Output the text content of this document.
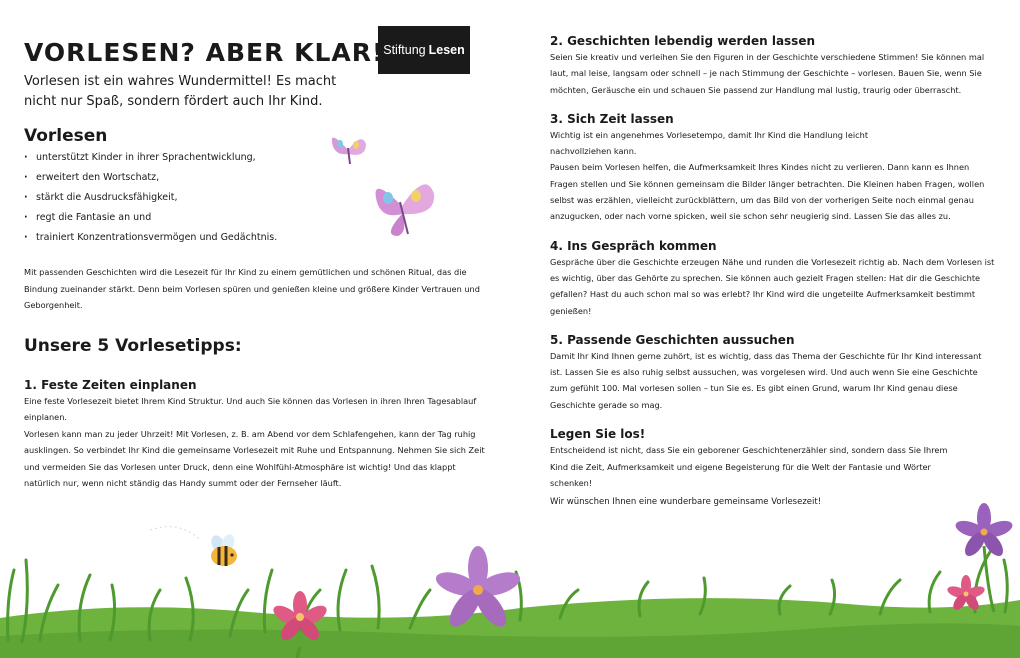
Stiftung Lesen
VORLESEN? ABER KLAR!

Vorlesen ist ein wahres Wundermittel! Es macht nicht nur Spaß, sondern fördert auch Ihr Kind.

Vorlesen
· unterstützt Kinder in ihrer Sprachentwicklung,
· erweitert den Wortschatz,
· stärkt die Ausdrucksfähigkeit,
· regt die Fantasie an und
· trainiert Konzentrationsvermögen und Gedächtnis.

Mit passenden Geschichten wird die Lesezeit für Ihr Kind zu einem gemütlichen und schönen Ritual, das die Bindung zueinander stärkt. Denn beim Vorlesen spüren und genießen kleine und größere Kinder Vertrauen und Geborgenheit.

Unsere 5 Vorlesetipps:
1. Feste Zeiten einplanen

Eine feste Vorlesezeit bietet Ihrem Kind Struktur. Und auch Sie können das Vorlesen in ihren Ihren Tagesablauf einplanen.

Vorlesen kann man zu jeder Uhrzeit! Mit Vorlesen, z. B. am Abend vor dem Schlafengehen, kann der Tag ruhig ausklingen. So verbindet Ihr Kind die gemeinsame Vorlesezeit mit Ruhe und Entspannung. Nehmen Sie sich Zeit und vermeiden Sie das Vorlesen unter Druck, denn eine Wohlfühl-Atmosphäre ist wichtig! Und das klappt natürlich nur, wenn nicht ständig das Handy summt oder der Fernseher läuft.

2. Geschichten lebendig werden lassen

Seien Sie kreativ und verleihen Sie den Figuren in der Geschichte verschiedene Stimmen! Sie können mal laut, mal leise, langsam oder schnell – je nach Stimmung der Geschichte – vorlesen. Bauen Sie, wenn Sie möchten, Geräusche ein und schauen Sie passend zur Handlung mal lustig, traurig oder überrascht.

3. Sich Zeit lassen

Wichtig ist ein angenehmes Vorlesetempo, damit Ihr Kind die Handlung leicht nachvollziehen kann.

Pausen beim Vorlesen helfen, die Aufmerksamkeit Ihres Kindes nicht zu verlieren. Dann kann es Ihnen Fragen stellen und Sie können gemeinsam die Bilder länger betrachten. Die Kleinen haben Fragen, wollen selbst was erzählen, vielleicht zurückblättern, um das Bild von der vorherigen Seite noch einmal genau anzugucken, oder nach vorne spicken, weil sie schon sehr neugierig sind. Lassen Sie das alles zu.

4. Ins Gespräch kommen

Gespräche über die Geschichte erzeugen Nähe und runden die Vorlesezeit richtig ab. Nach dem Vorlesen ist es wichtig, über das Gehörte zu sprechen. Sie können auch gezielt Fragen stellen: Hat dir die Geschichte gefallen? Hast du auch schon mal so was erlebt? Ihr Kind wird die ungeteilte Aufmerksamkeit bestimmt genießen!

5. Passende Geschichten aussuchen

Damit Ihr Kind Ihnen gerne zuhört, ist es wichtig, dass das Thema der Geschichte für Ihr Kind interessant ist. Lassen Sie es also ruhig selbst aussuchen, was vorgelesen wird. Und auch wenn Sie eine Geschichte zum gefühlt 100. Mal vorlesen sollen – tun Sie es. Es gibt einen Grund, warum Ihr Kind genau diese Geschichte gerade so mag.

Legen Sie los!

Entscheidend ist nicht, dass Sie ein geborener Geschichtenerzähler sind, sondern dass Sie Ihrem Kind die Zeit, Aufmerksamkeit und eigene Begeisterung für die Welt der Fantasie und Wörter schenken!

Wir wünschen Ihnen eine wunderbare gemeinsame Vorlesezeit!
